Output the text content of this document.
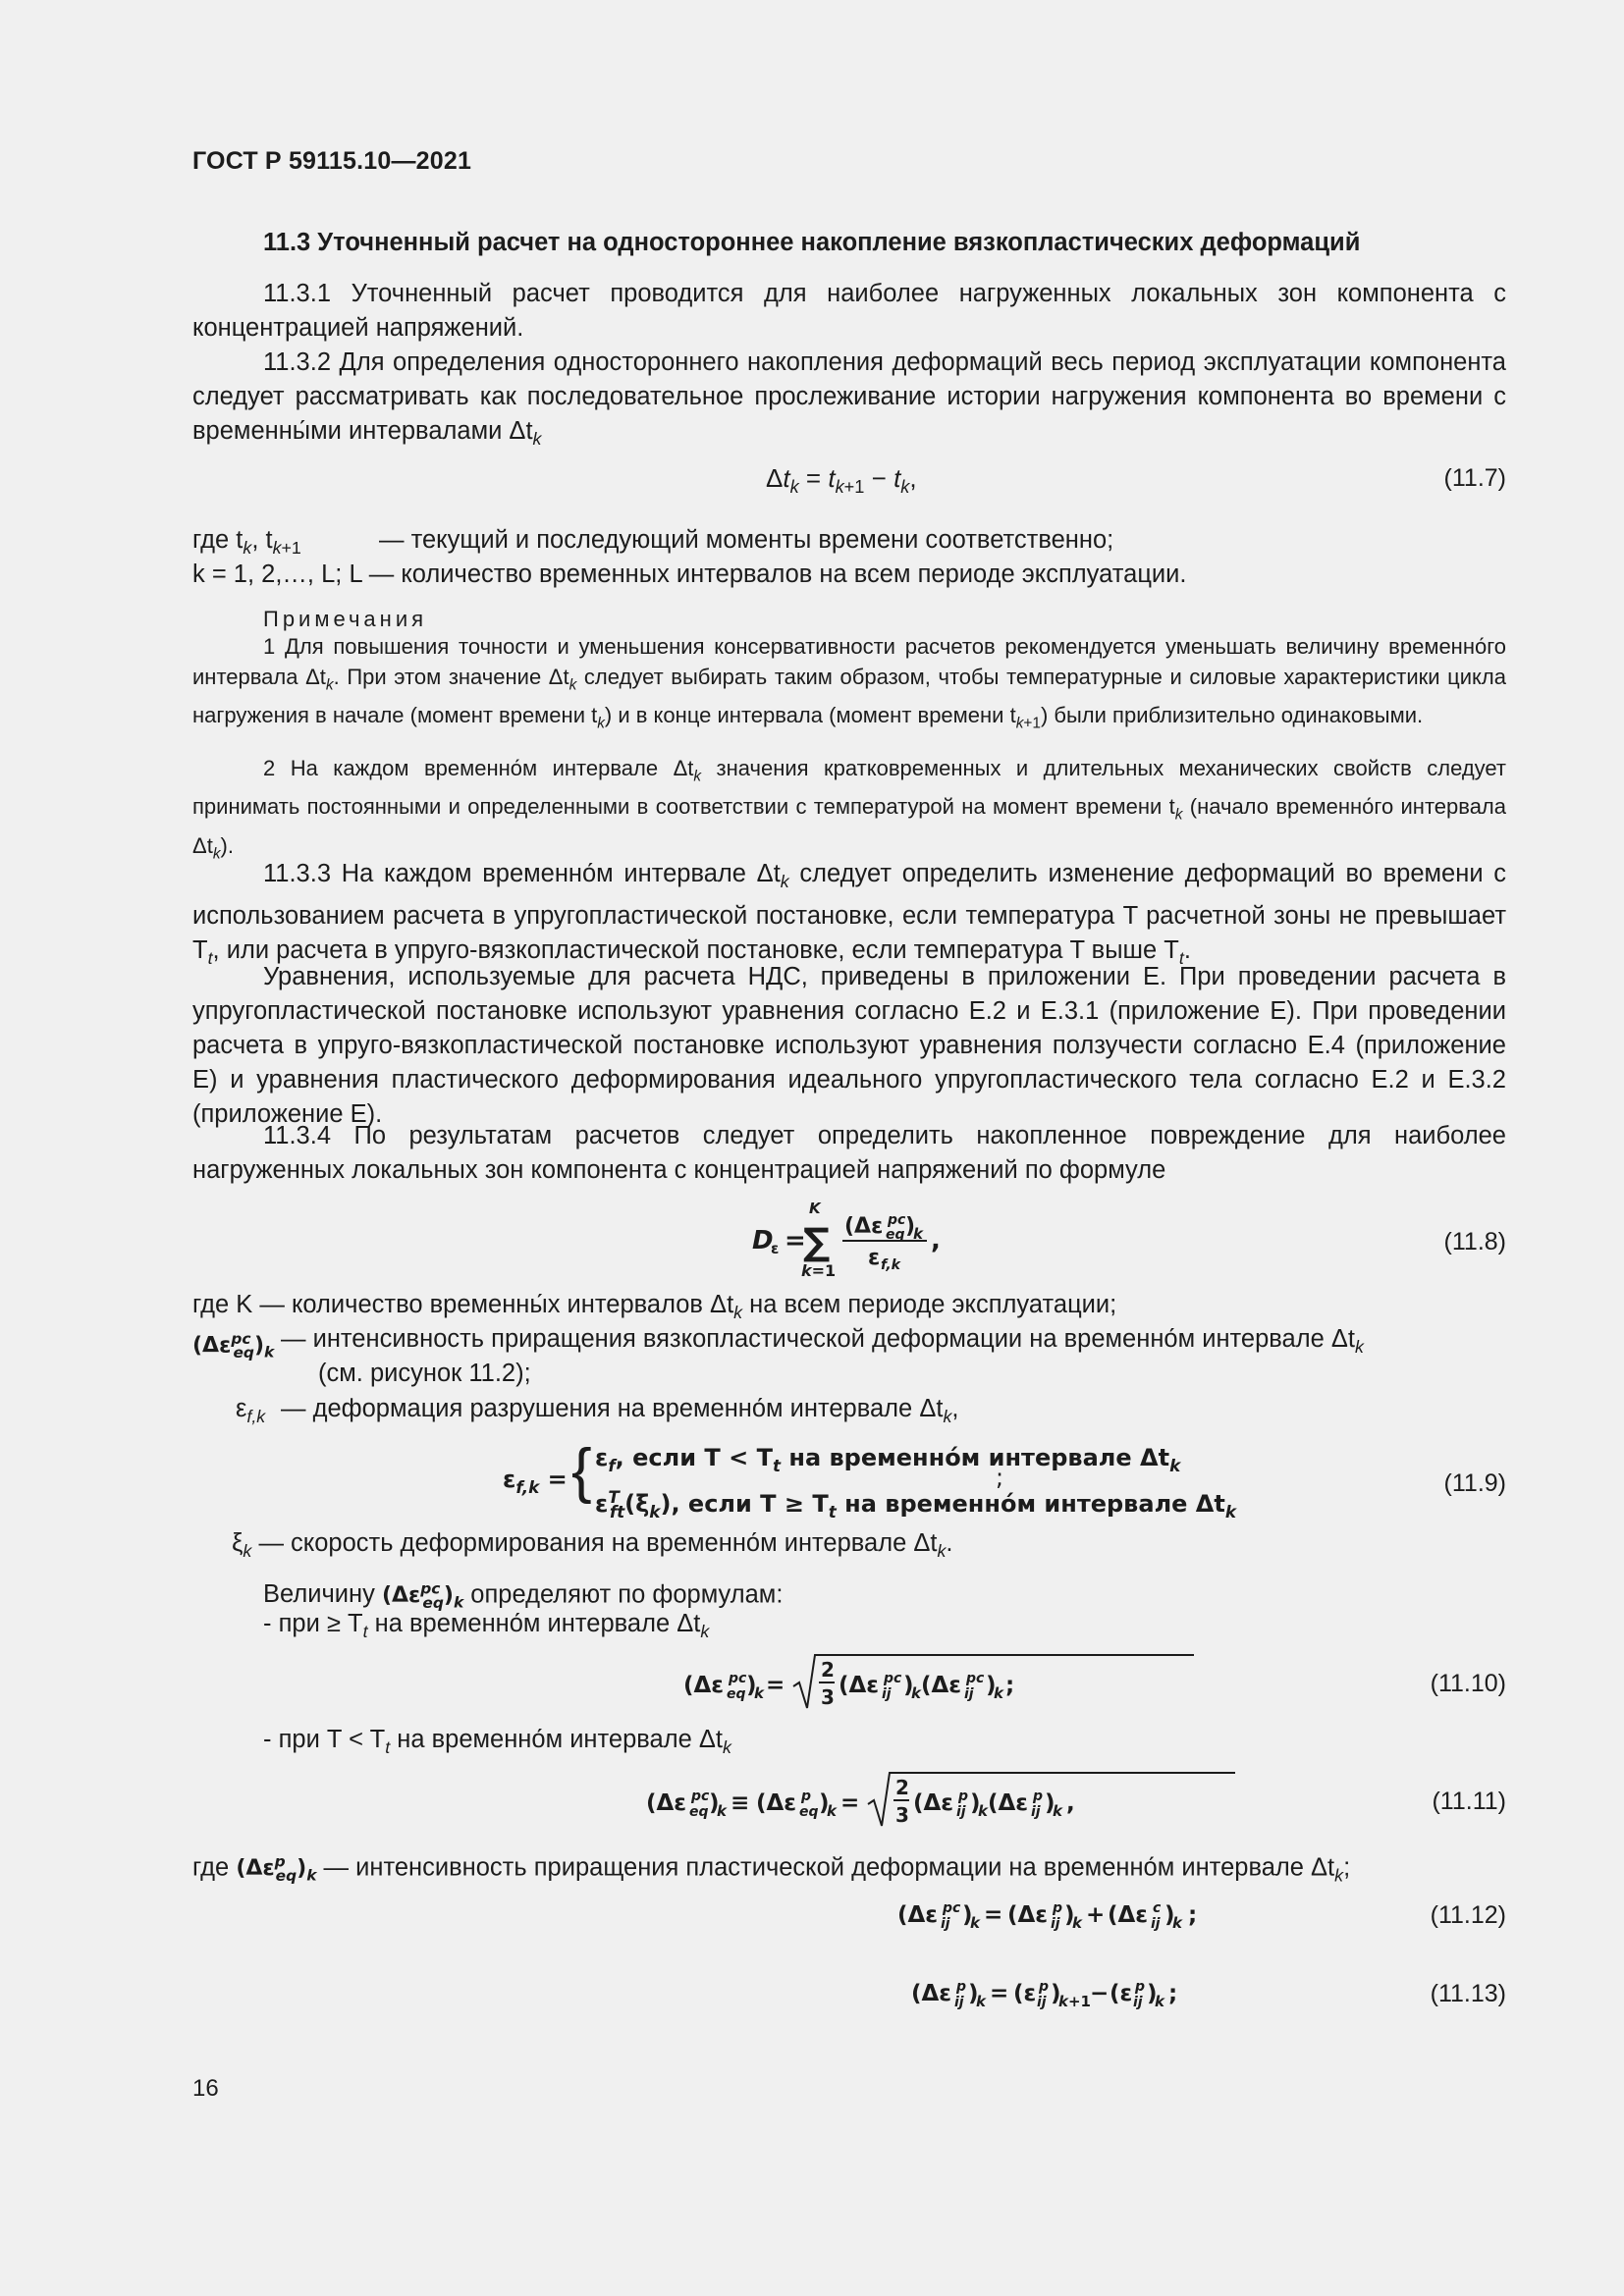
ГОСТ Р 59115.10—2021
11.3 Уточненный расчет на одностороннее накопление вязкопластических деформаций
11.3.1 Уточненный расчет проводится для наиболее нагруженных локальных зон компонента с концентрацией напряжений.
11.3.2 Для определения одностороннего накопления деформаций весь период эксплуатации компонента следует рассматривать как последовательное прослеживание истории нагружения компонента во времени с временны́ми интервалами $\Delta t_k$
$\Delta t_k = t_{k+1} - t_k$,	(11.7)
где $t_k$, $t_{k+1}$	— текущий и последующий моменты времени соответственно;
k = 1, 2,…, L; L — количество временных интервалов на всем периоде эксплуатации.
Примечания
1 Для повышения точности и уменьшения консервативности расчетов рекомендуется уменьшать величину временно́го интервала $\Delta t_k$. При этом значение $\Delta t_k$ следует выбирать таким образом, чтобы температурные и силовые характеристики цикла нагружения в начале (момент времени $t_k$) и в конце интервала (момент времени $t_{k+1}$) были приблизительно одинаковыми.
2 На каждом временно́м интервале $\Delta t_k$ значения кратковременных и длительных механических свойств следует принимать постоянными и определенными в соответствии с температурой на момент времени $t_k$ (начало временно́го интервала $\Delta t_k$).
11.3.3 На каждом временно́м интервале $\Delta t_k$ следует определить изменение деформаций во времени с использованием расчета в упругопластической постановке, если температура T расчетной зоны не превышает $T_t$, или расчета в упруго-вязкопластической постановке, если температура T выше $T_t$.
Уравнения, используемые для расчета НДС, приведены в приложении Е. При проведении расчета в упругопластической постановке используют уравнения согласно Е.2 и Е.3.1 (приложение Е). При проведении расчета в упруго-вязкопластической постановке используют уравнения ползучести согласно Е.4 (приложение Е) и уравнения пластического деформирования идеального упругопластического тела согласно Е.2 и Е.3.2 (приложение Е).
11.3.4 По результатам расчетов следует определить накопленное повреждение для наиболее нагруженных локальных зон компонента с концентрацией напряжений по формуле
D
ε =
K
∑
k=1
(Δε pc
eq )
k
ε f,k
,	(11.8)
где K — количество временны́х интервалов $\Delta t_k$ на всем периоде эксплуатации;
$(\Delta\varepsilon^{pc}_{eq})_k$ — интенсивность приращения вязкопластической деформации на временно́м интервале $\Delta t_k$
(см. рисунок 11.2);
$\varepsilon_{f,k}$ — деформация разрушения на временно́м интервале $\Delta t_k$,
$\varepsilon_{f,k}$ = { $\varepsilon_f$, если $T < T_t$ на временно́м интервале $\Delta t_k$
$\varepsilon^T_{ft}(\xi_k)$, если $T \ge T_t$ на временно́м интервале $\Delta t_k$
;	(11.9)
$\xi_k$ — скорость деформирования на временно́м интервале $\Delta t_k$.
Величину $(\Delta\varepsilon^{pc}_{eq})_k$ определяют по формулам:
- при ≥ $T_t$ на временно́м интервале $\Delta t_k$
(Δε pc
eq )
k =
2
3 (Δε pc
ij )
k (Δε pc
ij )
k ;	(11.10)
- при $T < T_t$ на временно́м интервале $\Delta t_k$
(Δε pc
eq )
k ≡ (Δε p
eq )
k =
2
3 (Δε p
ij )
k (Δε p
ij )
k ,	(11.11)
где $(\Delta\varepsilon^p_{eq})_k$ — интенсивность приращения пластической деформации на временно́м интервале $\Delta t_k$;
(Δε pc
ij )
k = (Δε p
ij )
k + (Δε c
ij )
k ;	(11.12)
(Δε p
ij )
k = (ε p
ij )
k+1 − (ε p
ij )
k ;	(11.13)
16
